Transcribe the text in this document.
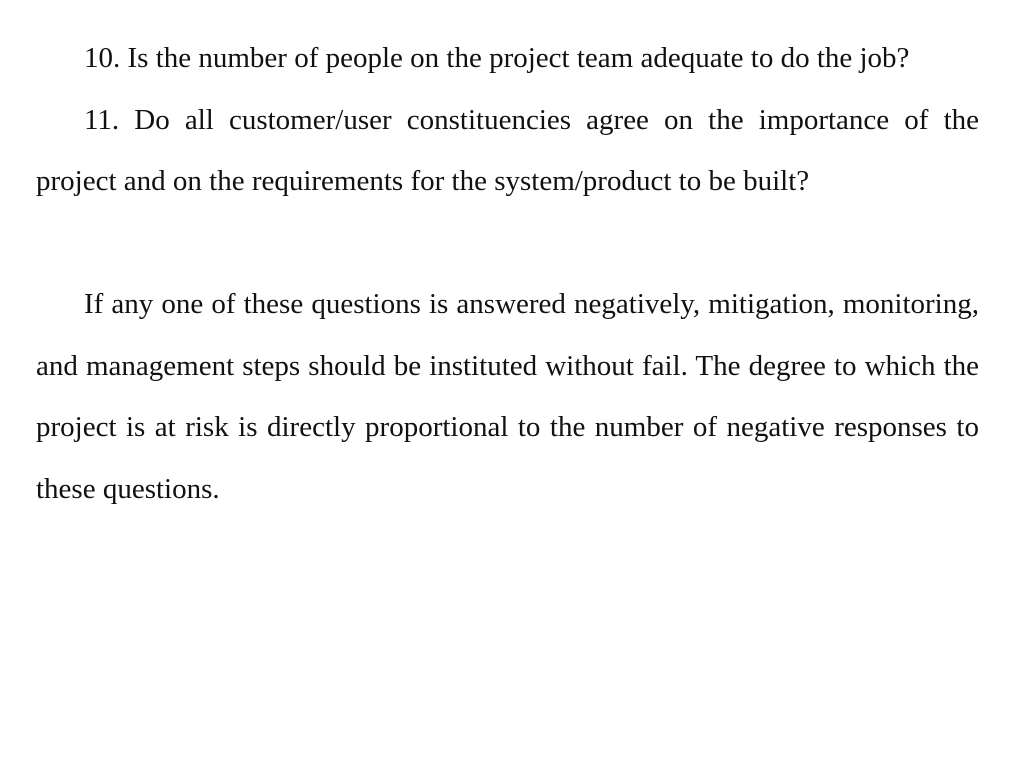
10. Is the number of people on the project team adequate to do the job?

11. Do all customer/user constituencies agree on the importance of the project and on the requirements for the system/product to be built?

If any one of these questions is answered negatively, mitigation, monitoring, and management steps should be instituted without fail. The degree to which the project is at risk is directly proportional to the number of negative responses to these questions.
